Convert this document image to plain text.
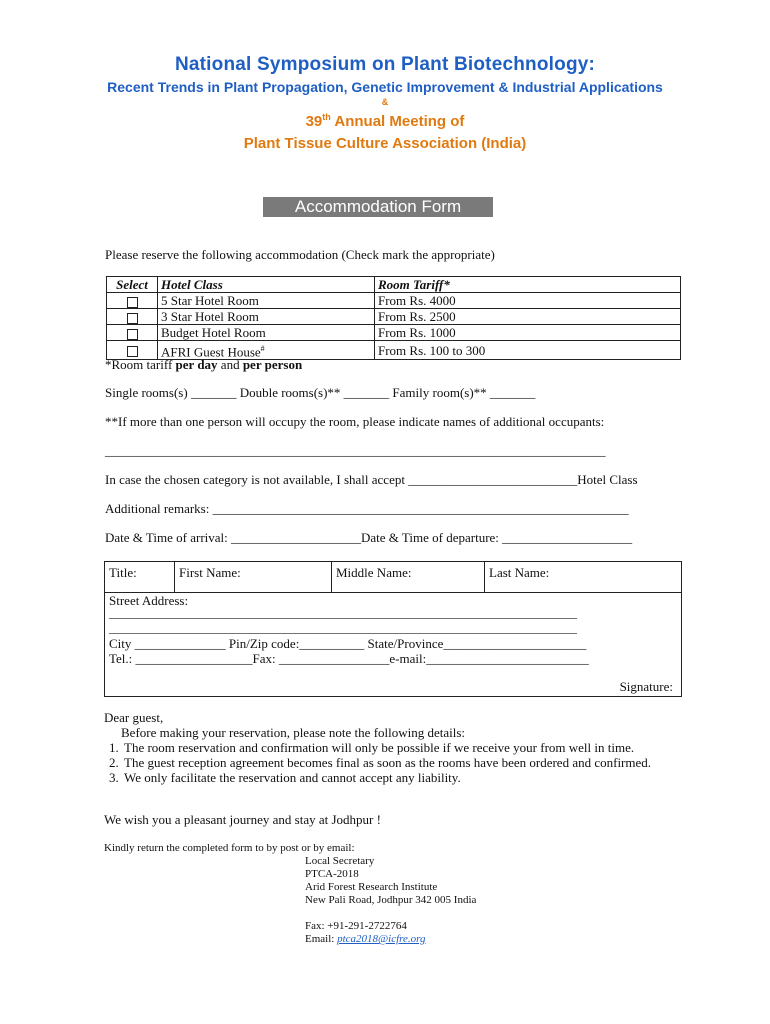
National Symposium on Plant Biotechnology:
Recent Trends in Plant Propagation, Genetic Improvement & Industrial Applications
&
39th Annual Meeting of
Plant Tissue Culture Association (India)
Accommodation Form
Please reserve the following accommodation (Check mark the appropriate)
Select	Hotel Class	Room Tariff*
	5 Star Hotel Room	From Rs. 4000
	3 Star Hotel Room	From Rs. 2500
	Budget Hotel Room	From Rs. 1000
	AFRI Guest House#	From Rs. 100 to 300
*Room tariff per day and per person
Single rooms(s) _______ Double rooms(s)** _______ Family room(s)** _______
**If more than one person will occupy the room, please indicate names of additional occupants:
_____________________________________________________________________________
In case the chosen category is not available, I shall accept __________________________Hotel Class
Additional remarks: ________________________________________________________________
Date & Time of arrival: ____________________Date & Time of departure: ____________________
Title:	First Name:	Middle Name:	Last Name:
Street Address:
______________________________________________________________________________
______________________________________________________________________________
City ______________ Pin/Zip code:__________ State/Province______________________
Tel.: __________________Fax: _________________e-mail:_________________________
Signature:
Dear guest,
Before making your reservation, please note the following details:
1. The room reservation and confirmation will only be possible if we receive your from well in time.
2. The guest reception agreement becomes final as soon as the rooms have been ordered and confirmed.
3. We only facilitate the reservation and cannot accept any liability.
We wish you a pleasant journey and stay at Jodhpur !
Kindly return the completed form to by post or by email:
Local Secretary
PTCA-2018
Arid Forest Research Institute
New Pali Road, Jodhpur 342 005 India
Fax: +91-291-2722764
Email: ptca2018@icfre.org
